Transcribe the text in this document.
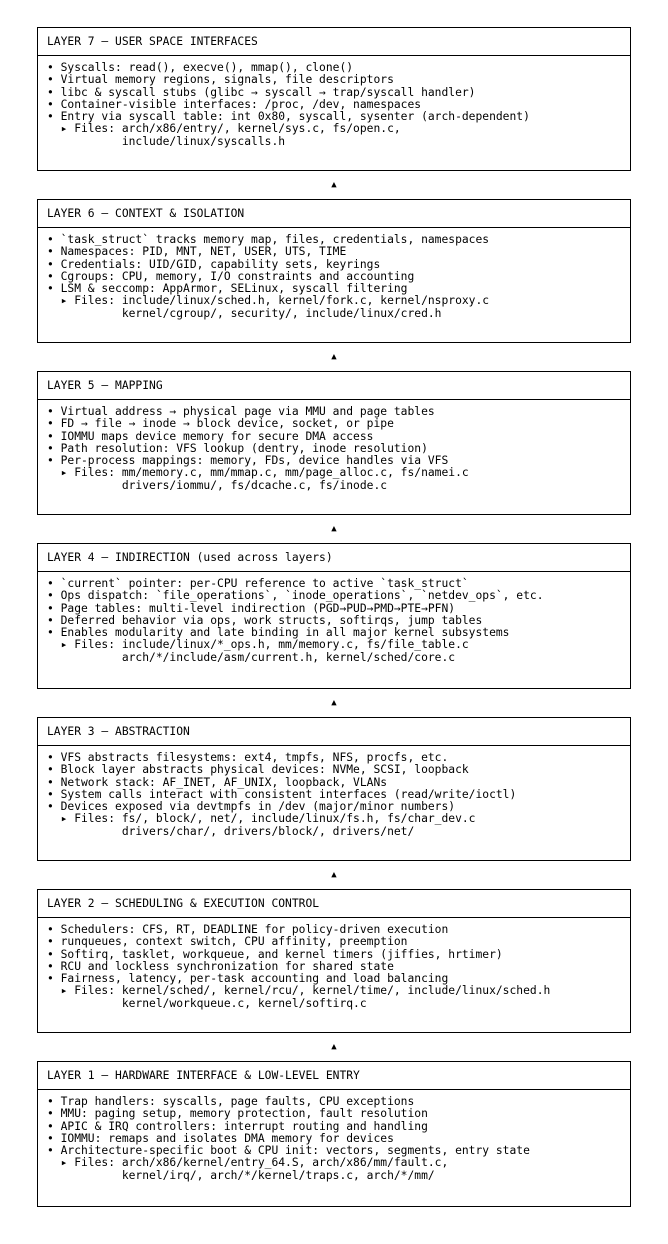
LAYER 7 — USER SPACE INTERFACES
• Syscalls: read(), execve(), mmap(), clone()
• Virtual memory regions, signals, file descriptors
• libc & syscall stubs (glibc → syscall → trap/syscall handler)
• Container-visible interfaces: /proc, /dev, namespaces
• Entry via syscall table: int 0x80, syscall, sysenter (arch-dependent)
▸ Files: arch/x86/entry/, kernel/sys.c, fs/open.c,
include/linux/syscalls.h
▲
LAYER 6 — CONTEXT & ISOLATION
• `task_struct` tracks memory map, files, credentials, namespaces
• Namespaces: PID, MNT, NET, USER, UTS, TIME
• Credentials: UID/GID, capability sets, keyrings
• Cgroups: CPU, memory, I/O constraints and accounting
• LSM & seccomp: AppArmor, SELinux, syscall filtering
▸ Files: include/linux/sched.h, kernel/fork.c, kernel/nsproxy.c
kernel/cgroup/, security/, include/linux/cred.h
▲
LAYER 5 — MAPPING
• Virtual address → physical page via MMU and page tables
• FD → file → inode → block device, socket, or pipe
• IOMMU maps device memory for secure DMA access
• Path resolution: VFS lookup (dentry, inode resolution)
• Per-process mappings: memory, FDs, device handles via VFS
▸ Files: mm/memory.c, mm/mmap.c, mm/page_alloc.c, fs/namei.c
drivers/iommu/, fs/dcache.c, fs/inode.c
▲
LAYER 4 — INDIRECTION (used across layers)
• `current` pointer: per-CPU reference to active `task_struct`
• Ops dispatch: `file_operations`, `inode_operations`, `netdev_ops`, etc.
• Page tables: multi-level indirection (PGD→PUD→PMD→PTE→PFN)
• Deferred behavior via ops, work structs, softirqs, jump tables
• Enables modularity and late binding in all major kernel subsystems
▸ Files: include/linux/*_ops.h, mm/memory.c, fs/file_table.c
arch/*/include/asm/current.h, kernel/sched/core.c
▲
LAYER 3 — ABSTRACTION
• VFS abstracts filesystems: ext4, tmpfs, NFS, procfs, etc.
• Block layer abstracts physical devices: NVMe, SCSI, loopback
• Network stack: AF_INET, AF_UNIX, loopback, VLANs
• System calls interact with consistent interfaces (read/write/ioctl)
• Devices exposed via devtmpfs in /dev (major/minor numbers)
▸ Files: fs/, block/, net/, include/linux/fs.h, fs/char_dev.c
drivers/char/, drivers/block/, drivers/net/
▲
LAYER 2 — SCHEDULING & EXECUTION CONTROL
• Schedulers: CFS, RT, DEADLINE for policy-driven execution
• runqueues, context switch, CPU affinity, preemption
• Softirq, tasklet, workqueue, and kernel timers (jiffies, hrtimer)
• RCU and lockless synchronization for shared state
• Fairness, latency, per-task accounting and load balancing
▸ Files: kernel/sched/, kernel/rcu/, kernel/time/, include/linux/sched.h
kernel/workqueue.c, kernel/softirq.c
▲
LAYER 1 — HARDWARE INTERFACE & LOW-LEVEL ENTRY
• Trap handlers: syscalls, page faults, CPU exceptions
• MMU: paging setup, memory protection, fault resolution
• APIC & IRQ controllers: interrupt routing and handling
• IOMMU: remaps and isolates DMA memory for devices
• Architecture-specific boot & CPU init: vectors, segments, entry state
▸ Files: arch/x86/kernel/entry_64.S, arch/x86/mm/fault.c,
kernel/irq/, arch/*/kernel/traps.c, arch/*/mm/
